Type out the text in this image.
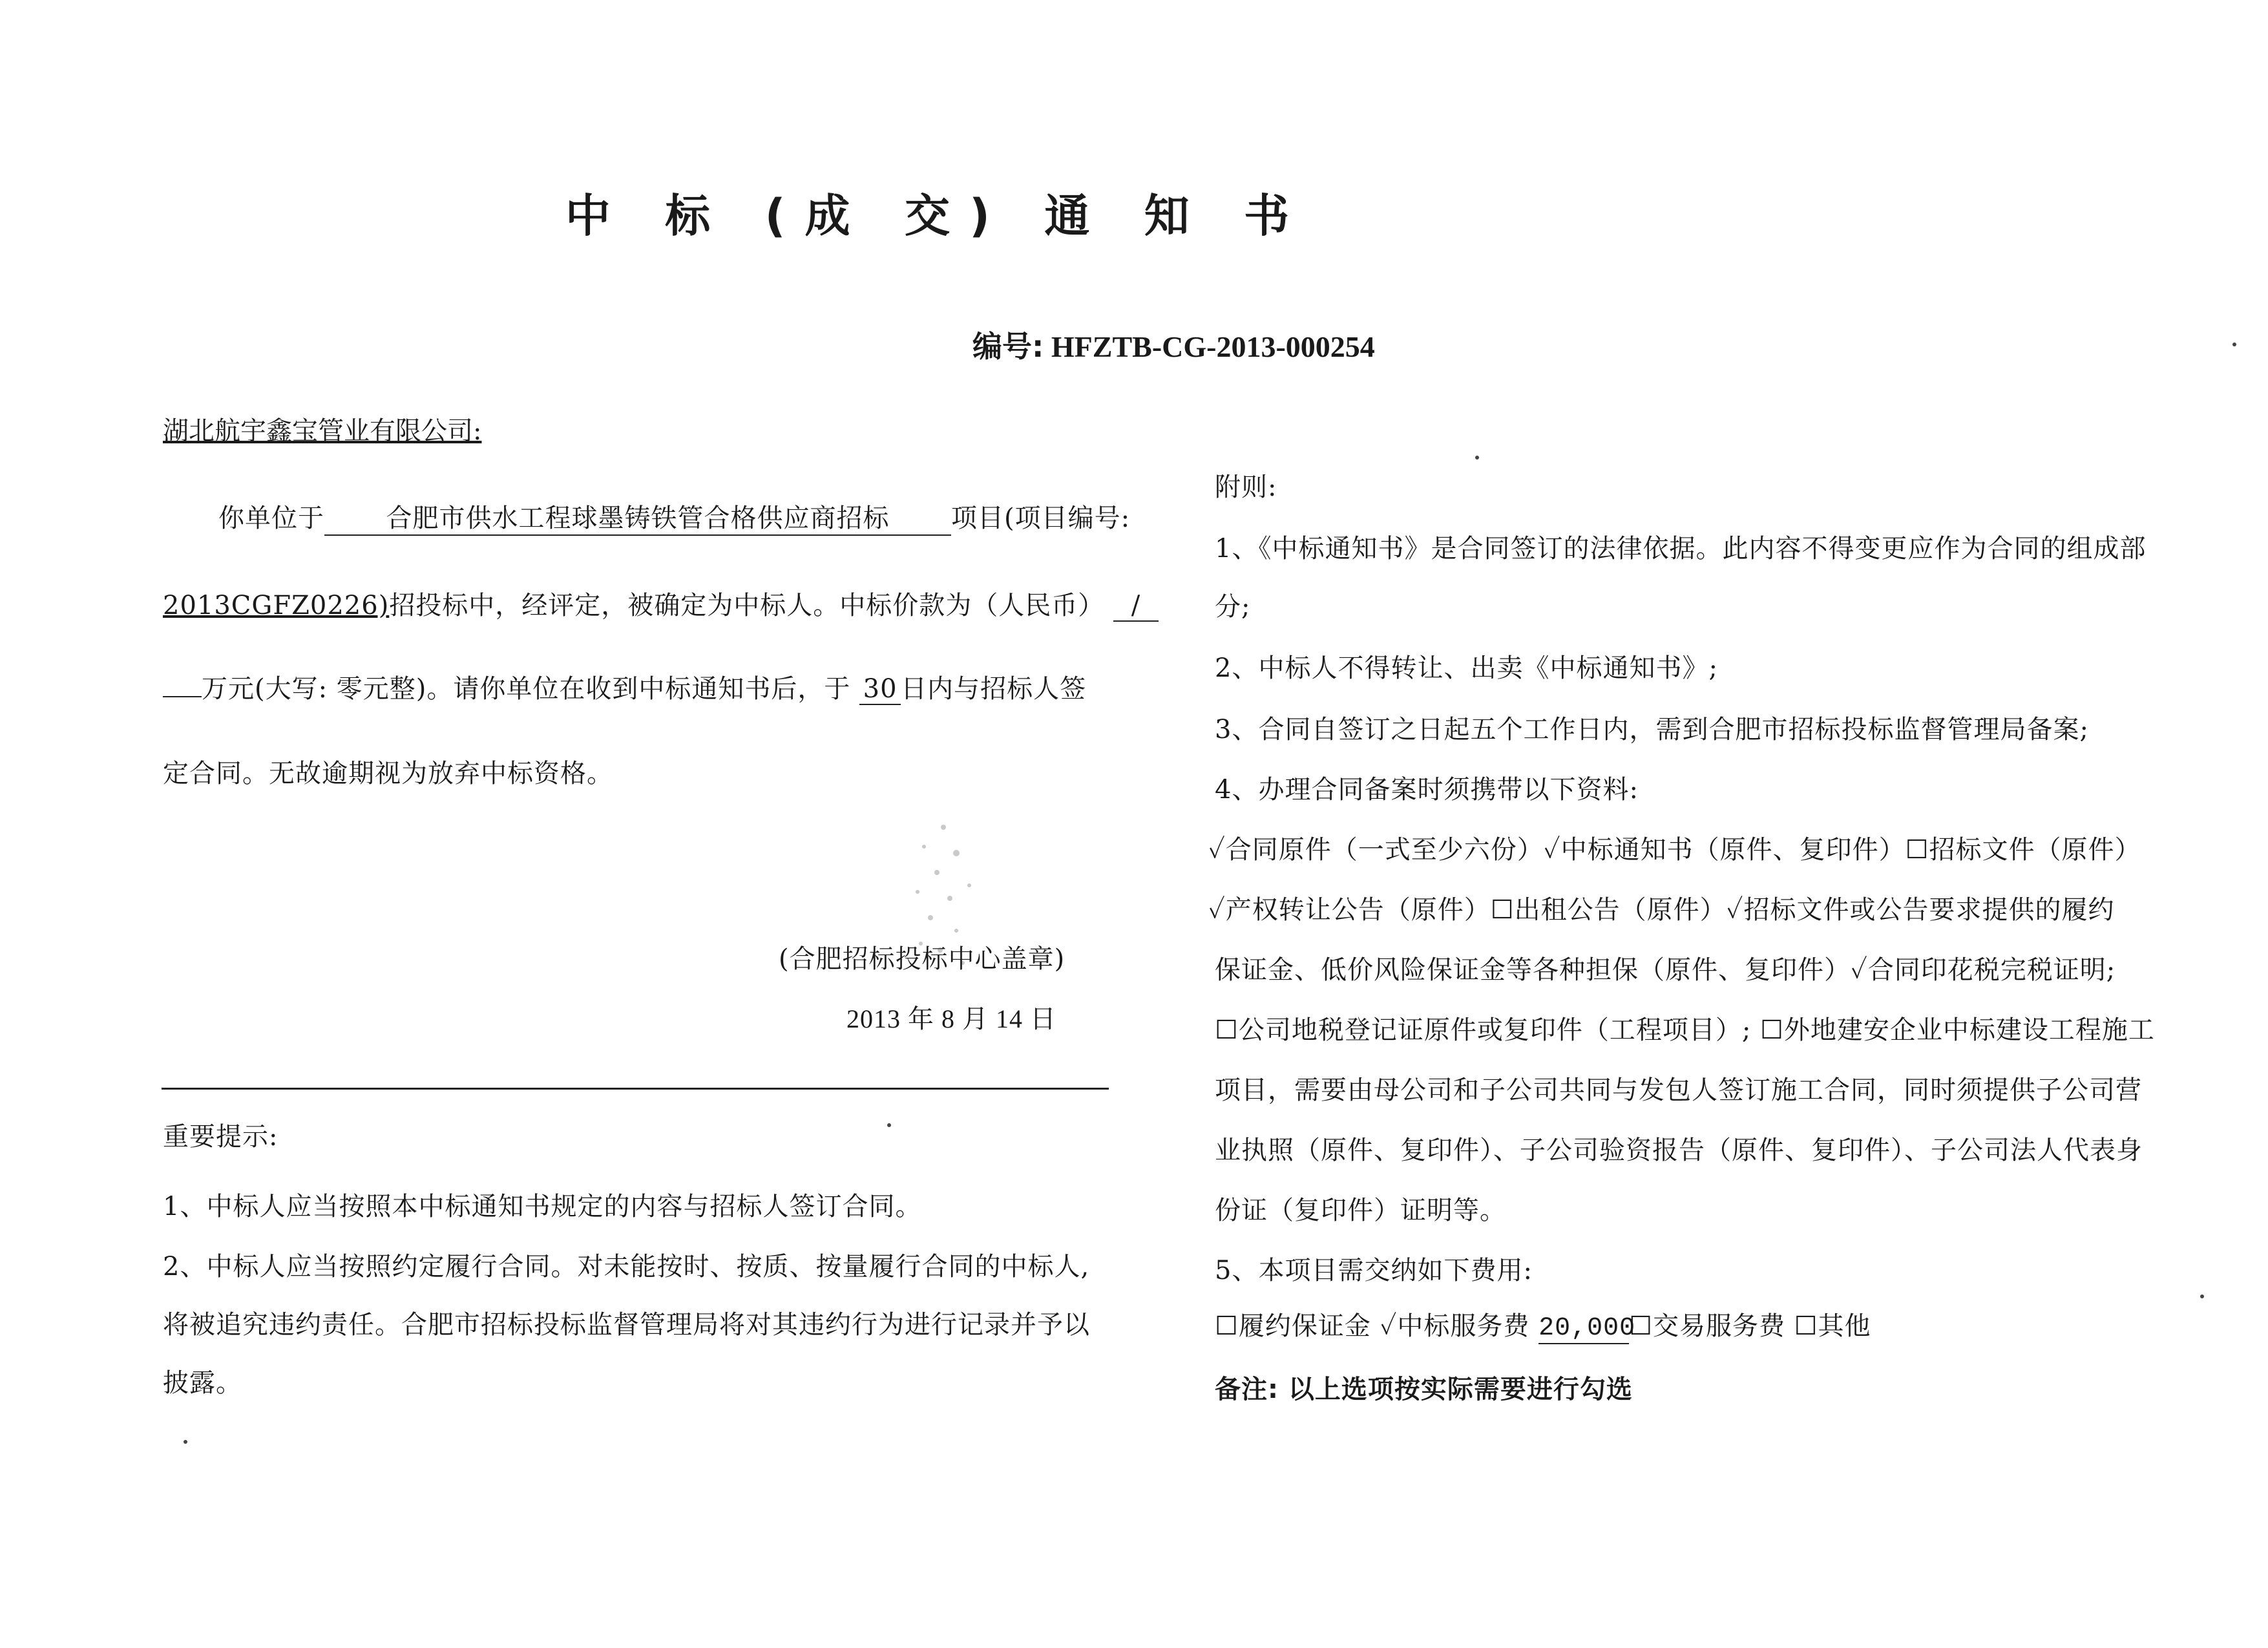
中 标 (成 交) 通 知 书
编号: HFZTB-CG-2013-000254
湖北航宇鑫宝管业有限公司:
你单位于 合肥市供水工程球墨铸铁管合格供应商招标 项目(项目编号:
2013CGFZ0226)招投标中，经评定，被确定为中标人。中标价款为（人民币） /
万元(大写: 零元整)。请你单位在收到中标通知书后，于 30 日内与招标人签
定合同。无故逾期视为放弃中标资格。
(合肥招标投标中心盖章)
2013 年 8 月 14 日
重要提示:
1、中标人应当按照本中标通知书规定的内容与招标人签订合同。
2、中标人应当按照约定履行合同。对未能按时、按质、按量履行合同的中标人,
将被追究违约责任。合肥市招标投标监督管理局将对其违约行为进行记录并予以
披露。
附则:
1、《中标通知书》是合同签订的法律依据。此内容不得变更应作为合同的组成部
分;
2、中标人不得转让、出卖《中标通知书》;
3、合同自签订之日起五个工作日内，需到合肥市招标投标监督管理局备案;
4、办理合同备案时须携带以下资料:
✓合同原件（一式至少六份）✓中标通知书（原件、复印件）☐招标文件（原件）
✓产权转让公告（原件）☐出租公告（原件）✓招标文件或公告要求提供的履约
保证金、低价风险保证金等各种担保（原件、复印件）✓合同印花税完税证明;
☐公司地税登记证原件或复印件（工程项目）; ☐外地建安企业中标建设工程施工
项目，需要由母公司和子公司共同与发包人签订施工合同，同时须提供子公司营
业执照（原件、复印件）、子公司验资报告（原件、复印件）、子公司法人代表身
份证（复印件）证明等。
5、本项目需交纳如下费用:
☐履约保证金 ✓中标服务费 20,000☐交易服务费 ☐其他
备注: 以上选项按实际需要进行勾选
